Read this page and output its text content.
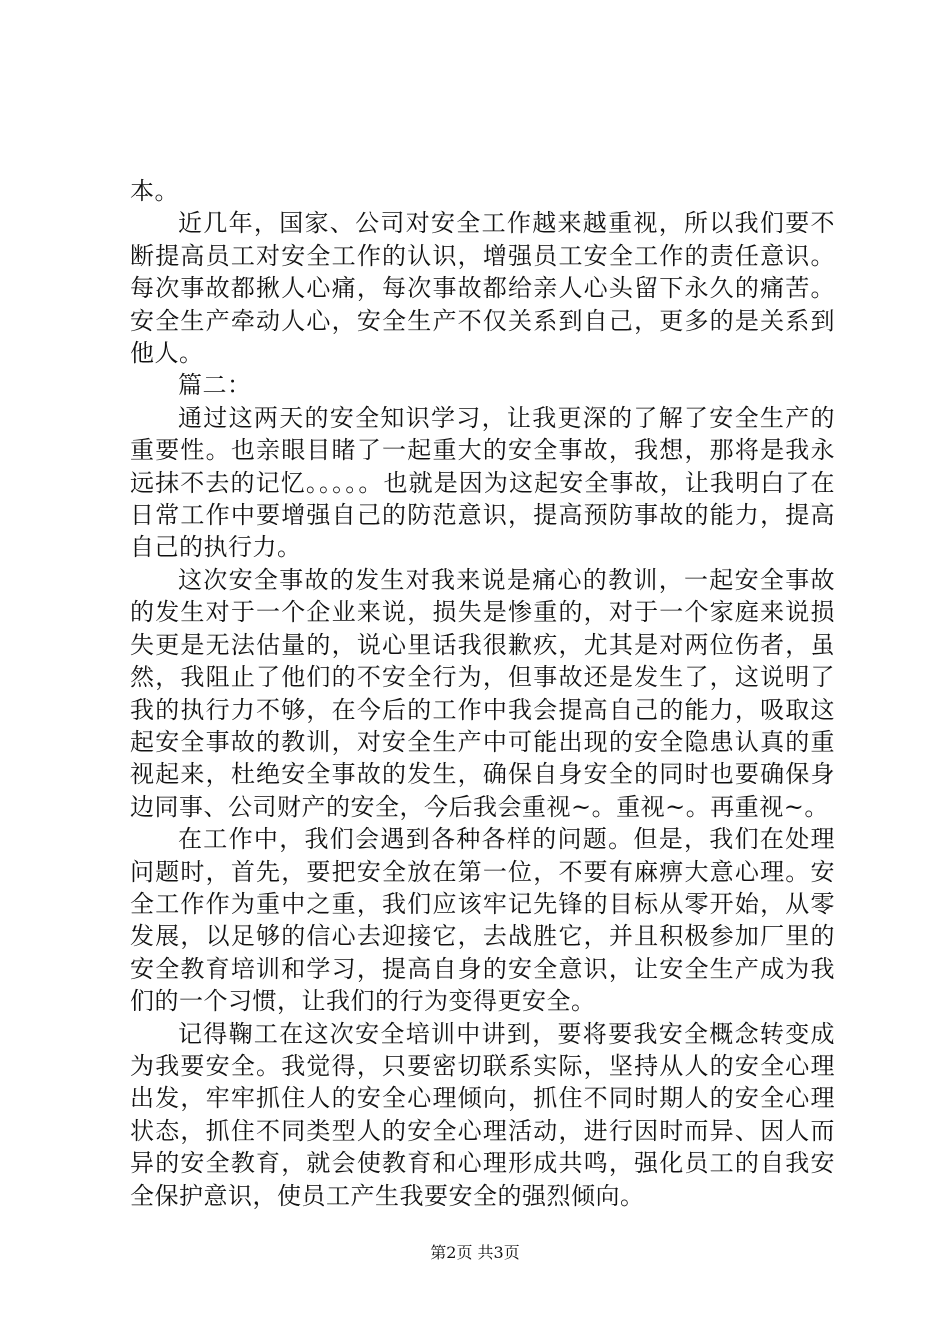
本。

近几年，国家、公司对安全工作越来越重视，所以我们要不断提高员工对安全工作的认识，增强员工安全工作的责任意识。每次事故都揪人心痛，每次事故都给亲人心头留下永久的痛苦。安全生产牵动人心，安全生产不仅关系到自己，更多的是关系到他人。

篇二：

通过这两天的安全知识学习，让我更深的了解了安全生产的重要性。也亲眼目睹了一起重大的安全事故，我想，那将是我永远抹不去的记忆。。。。。也就是因为这起安全事故，让我明白了在日常工作中要增强自己的防范意识，提高预防事故的能力，提高自己的执行力。

这次安全事故的发生对我来说是痛心的教训，一起安全事故的发生对于一个企业来说，损失是惨重的，对于一个家庭来说损失更是无法估量的，说心里话我很歉疚，尤其是对两位伤者，虽然，我阻止了他们的不安全行为，但事故还是发生了，这说明了我的执行力不够，在今后的工作中我会提高自己的能力，吸取这起安全事故的教训，对安全生产中可能出现的安全隐患认真的重视起来，杜绝安全事故的发生，确保自身安全的同时也要确保身边同事、公司财产的安全，今后我会重视~。重视~。再重视~。

在工作中，我们会遇到各种各样的问题。但是，我们在处理问题时，首先，要把安全放在第一位，不要有麻痹大意心理。安全工作作为重中之重，我们应该牢记先锋的目标从零开始，从零发展，以足够的信心去迎接它，去战胜它，并且积极参加厂里的安全教育培训和学习，提高自身的安全意识，让安全生产成为我们的一个习惯，让我们的行为变得更安全。

记得鞠工在这次安全培训中讲到，要将要我安全概念转变成为我要安全。我觉得，只要密切联系实际，坚持从人的安全心理出发，牢牢抓住人的安全心理倾向，抓住不同时期人的安全心理状态，抓住不同类型人的安全心理活动，进行因时而异、因人而异的安全教育，就会使教育和心理形成共鸣，强化员工的自我安全保护意识，使员工产生我要安全的强烈倾向。

第2页 共3页
